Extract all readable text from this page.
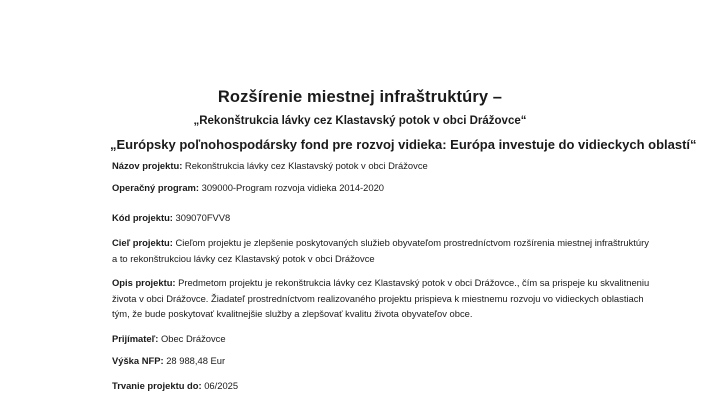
Rozšírenie miestnej infraštruktúry –
„Rekonštrukcia lávky cez Klastavský potok v obci Drážovce“
„Európsky poľnohospodársky fond pre rozvoj vidieka: Európa investuje do vidieckych oblastí“
Názov projektu: Rekonštrukcia lávky cez Klastavský potok v obci Drážovce
Operačný program: 309000-Program rozvoja vidieka 2014-2020
Kód projektu: 309070FVV8
Cieľ projektu: Cieľom projektu je zlepšenie poskytovaných služieb obyvateľom prostredníctvom rozšírenia miestnej infraštruktúry a to rekonštrukciou lávky cez Klastavský potok v obci Drážovce
Opis projektu: Predmetom projektu je rekonštrukcia lávky cez Klastavský potok v obci Drážovce., čím sa prispeje ku skvalitneniu života v obci Drážovce. Žiadateľ prostredníctvom realizovaného projektu prispieva k miestnemu rozvoju vo vidieckych oblastiach tým, že bude poskytovať kvalitnejšie služby a zlepšovať kvalitu života obyvateľov obce.
Prijímateľ: Obec Drážovce
Výška NFP: 28 988,48 Eur
Trvanie projektu do: 06/2025
